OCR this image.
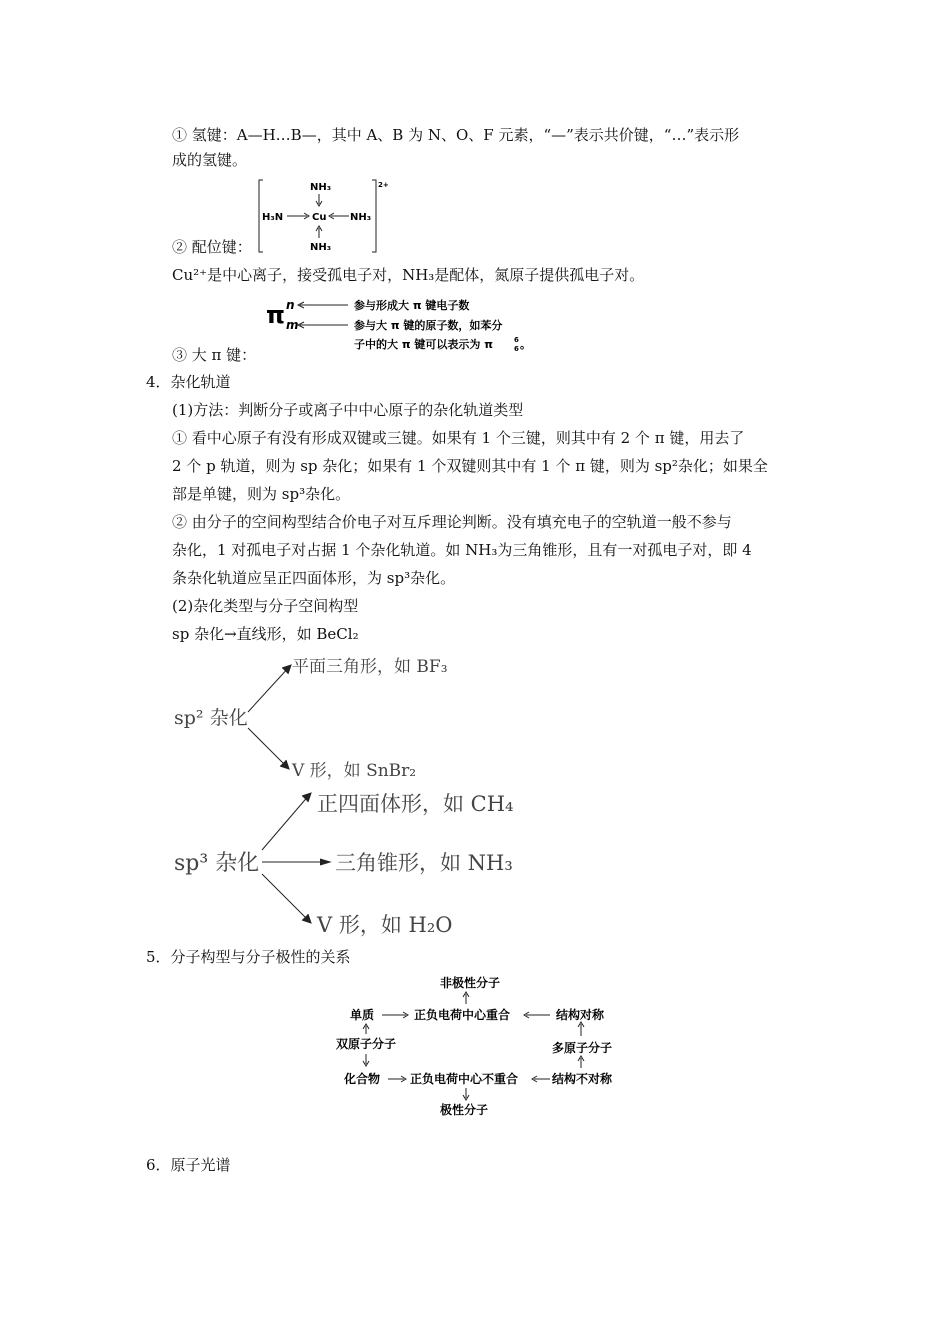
① 氢键：A—H…B—，其中 A、B 为 N、O、F 元素，“—”表示共价键，“…”表示形
成的氢键。
② 配位键：
2+
NH₃
H₃N	Cu NH₃
NH₃
Cu²⁺是中心离子，接受孤电子对，NH₃是配体，氮原子提供孤电子对。
③ 大 π 键：
π n
m
参与形成大 π 键电子数
参与大 π 键的原子数，如苯分
子中的大 π 键可以表示为 π	6
6 。
4．杂化轨道
(1)方法：判断分子或离子中中心原子的杂化轨道类型
① 看中心原子有没有形成双键或三键。如果有 1 个三键，则其中有 2 个 π 键，用去了
2 个 p 轨道，则为 sp 杂化；如果有 1 个双键则其中有 1 个 π 键，则为 sp²杂化；如果全
部是单键，则为 sp³杂化。
② 由分子的空间构型结合价电子对互斥理论判断。没有填充电子的空轨道一般不参与
杂化，1 对孤电子对占据 1 个杂化轨道。如 NH₃为三角锥形，且有一对孤电子对，即 4
条杂化轨道应呈正四面体形，为 sp³杂化。
(2)杂化类型与分子空间构型
sp 杂化→直线形，如 BeCl₂
sp² 杂化
平面三角形，如 BF₃
V 形，如 SnBr₂
sp³ 杂化
正四面体形，如 CH₄
三角锥形，如 NH₃
V 形，如 H₂O
5．分子构型与分子极性的关系
非极性分子
单质	正负电荷中心重合	结构对称
双原子分子	多原子分子
化合物 正负电荷中心不重合	结构不对称
极性分子
6．原子光谱
